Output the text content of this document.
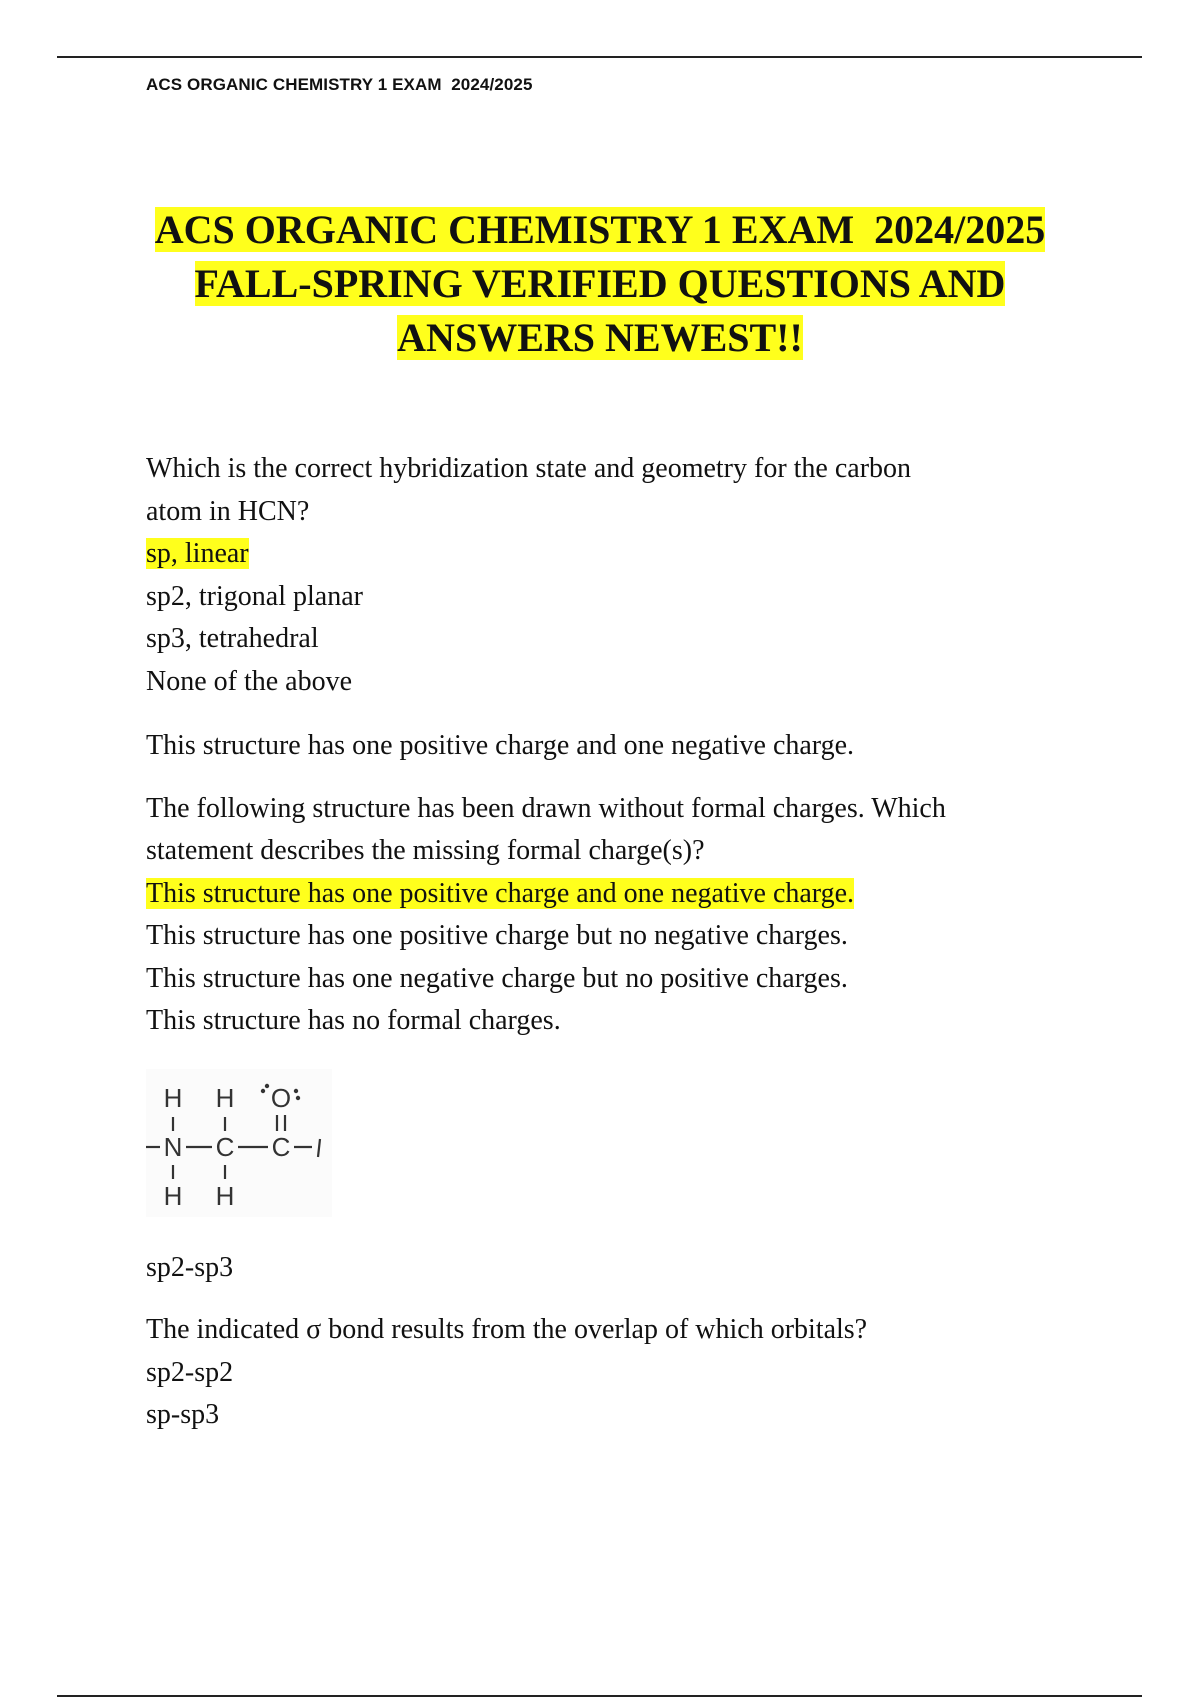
ACS ORGANIC CHEMISTRY 1 EXAM  2024/2025
ACS ORGANIC CHEMISTRY 1 EXAM  2024/2025
FALL-SPRING VERIFIED QUESTIONS AND
ANSWERS NEWEST!!
Which is the correct hybridization state and geometry for the carbon
atom in HCN?
sp, linear
sp2, trigonal planar
sp3, tetrahedral
None of the above
This structure has one positive charge and one negative charge.
The following structure has been drawn without formal charges. Which
statement describes the missing formal charge(s)?
This structure has one positive charge and one negative charge.
This structure has one positive charge but no negative charges.
This structure has one negative charge but no positive charges.
This structure has no formal charges.
H H O
N C C
H H
sp2-sp3
The indicated σ bond results from the overlap of which orbitals?
sp2-sp2
sp-sp3
